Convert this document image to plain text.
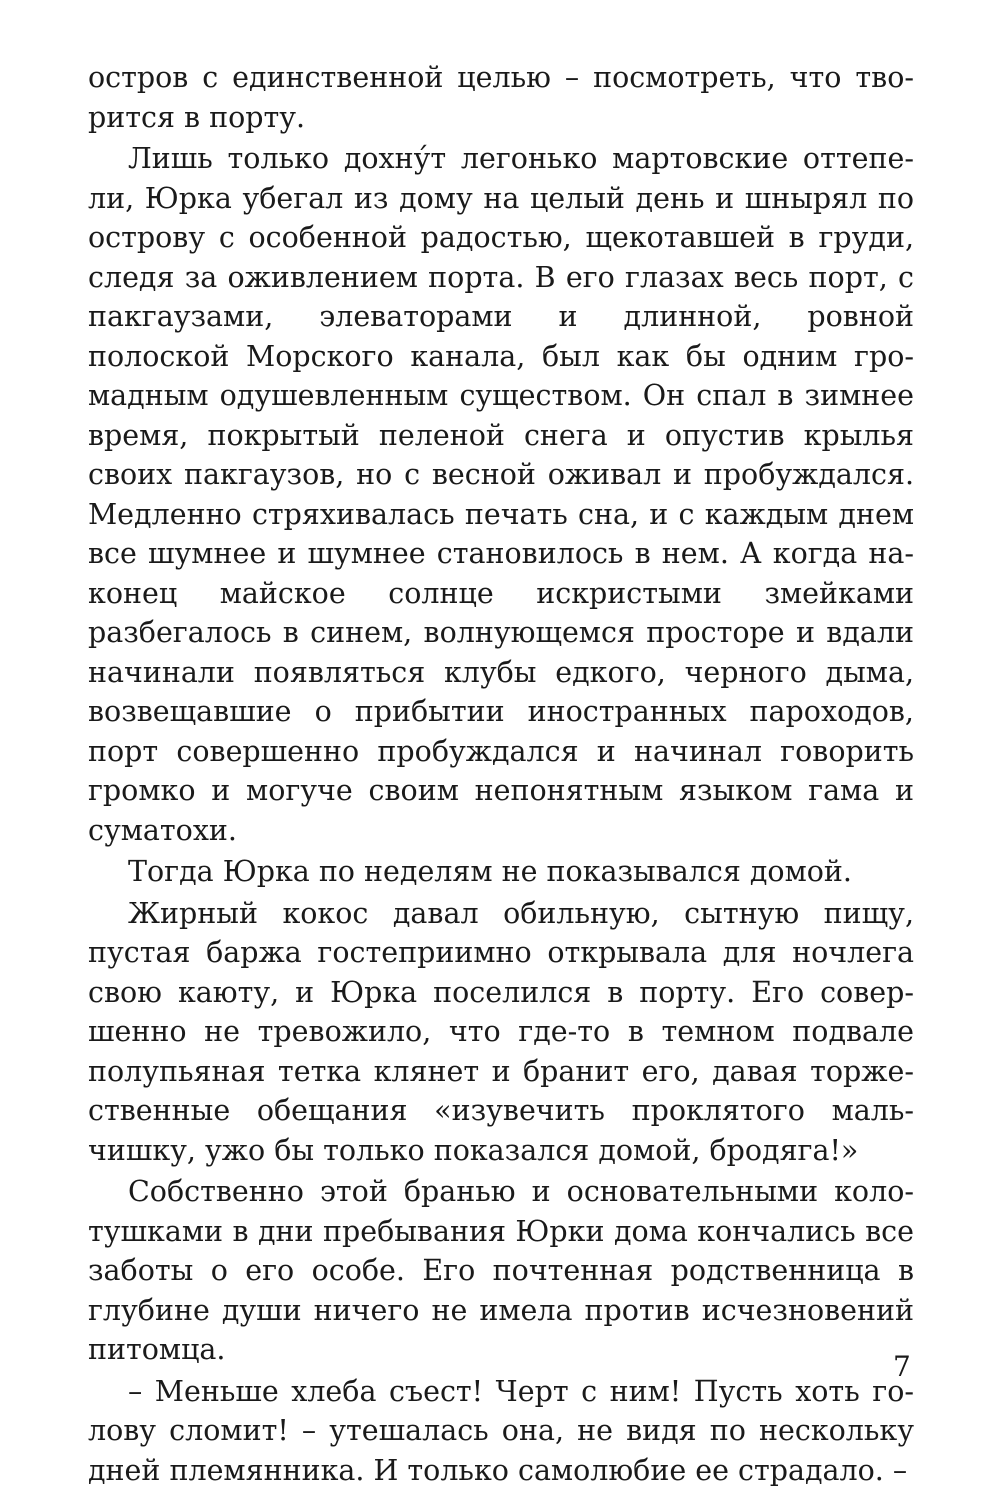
остров с единственной целью – посмотреть, что творится в порту.

Лишь только дохну́т легонько мартовские оттепели, Юрка убегал из дому на целый день и шнырял по острову с особенной радостью, щекотавшей в груди, следя за оживлением порта. В его глазах весь порт, с пакгаузами, элеваторами и длинной, ровной полоской Морского канала, был как бы одним громадным одушевленным существом. Он спал в зимнее время, покрытый пеленой снега и опустив крылья своих пакгаузов, но с весной оживал и пробуждался. Медленно стряхивалась печать сна, и с каждым днем все шумнее и шумнее становилось в нем. А когда наконец майское солнце искристыми змейками разбегалось в синем, волнующемся просторе и вдали начинали появляться клубы едкого, черного дыма, возвещавшие о прибытии иностранных пароходов, порт совершенно пробуждался и начинал говорить громко и могуче своим непонятным языком гама и суматохи.

Тогда Юрка по неделям не показывался домой.

Жирный кокос давал обильную, сытную пищу, пустая баржа гостеприимно открывала для ночлега свою каюту, и Юрка поселился в порту. Его совершенно не тревожило, что где-то в темном подвале полупьяная тетка клянет и бранит его, давая торжественные обещания «изувечить проклятого мальчишку, ужо бы только показался домой, бродяга!»

Собственно этой бранью и основательными колотушками в дни пребывания Юрки дома кончались все заботы о его особе. Его почтенная родственница в глубине души ничего не имела против исчезновений питомца.

– Меньше хлеба съест! Черт с ним! Пусть хоть голову сломит! – утешалась она, не видя по нескольку дней племянника. И только самолюбие ее страдало. –

7
